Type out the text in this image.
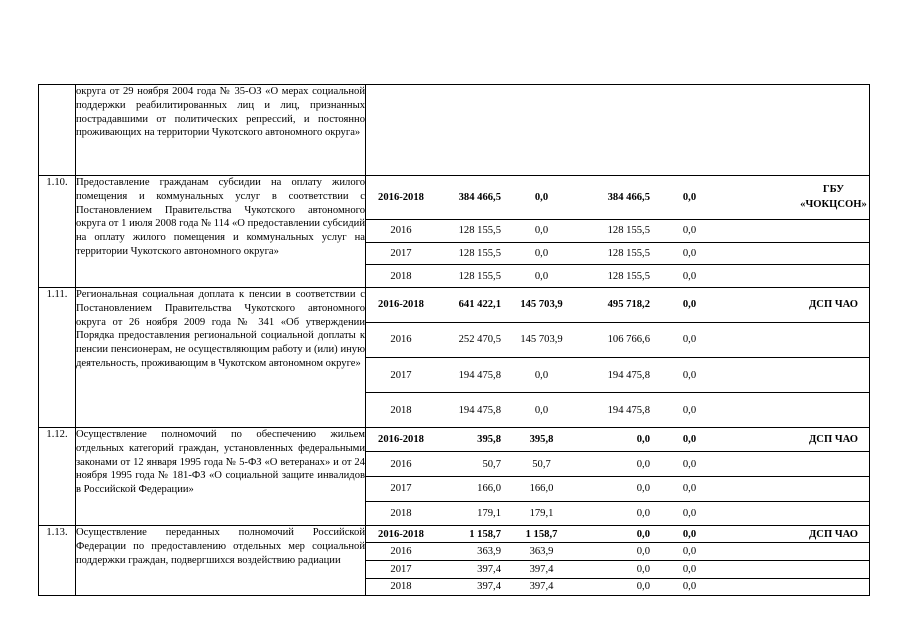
округа от 29 ноября 2004 года № 35-ОЗ «О мерах социальной поддержки реабилитированных лиц и лиц, признанных пострадавшими от политических репрессий, и постоянно проживающих на территории Чукотского автономного округа»

1.10.	Предоставление гражданам субсидии на оплату жилого помещения и коммунальных услуг в соответствии с Постановлением Правительства Чукотского автономного округа от 1 июля 2008 года № 114 «О предоставлении субсидий на оплату жилого помещения и коммунальных услуг на территории Чукотского автономного округа»

2016-2018	384 466,5	0,0	384 466,5	0,0		ГБУ «ЧОКЦСОН»
2016	128 155,5	0,0	128 155,5	0,0		
2017	128 155,5	0,0	128 155,5	0,0		
2018	128 155,5	0,0	128 155,5	0,0		

1.11.	Региональная социальная доплата к пенсии в соответствии с Постановлением Правительства Чукотского автономного округа от 26 ноября 2009 года № 341 «Об утверждении Порядка предоставления региональной социальной доплаты к пенсии пенсионерам, не осуществляющим работу и (или) иную деятельность, проживающим в Чукотском автономном округе»

2016-2018	641 422,1	145 703,9	495 718,2	0,0		ДСП ЧАО
2016	252 470,5	145 703,9	106 766,6	0,0		
2017	194 475,8	0,0	194 475,8	0,0		
2018	194 475,8	0,0	194 475,8	0,0		

1.12.	Осуществление полномочий по обеспечению жильем отдельных категорий граждан, установленных федеральными законами от 12 января 1995 года № 5-ФЗ «О ветеранах» и от 24 ноября 1995 года № 181-ФЗ «О социальной защите инвалидов в Российской Федерации»

2016-2018	395,8	395,8	0,0	0,0		ДСП ЧАО
2016	50,7	50,7	0,0	0,0		
2017	166,0	166,0	0,0	0,0		
2018	179,1	179,1	0,0	0,0		

1.13.	Осуществление переданных полномочий Российской Федерации по предоставлению отдельных мер социальной поддержки граждан, подвергшихся воздействию радиации

2016-2018	1 158,7	1 158,7	0,0	0,0		ДСП ЧАО
2016	363,9	363,9	0,0	0,0		
2017	397,4	397,4	0,0	0,0		
2018	397,4	397,4	0,0	0,0		
